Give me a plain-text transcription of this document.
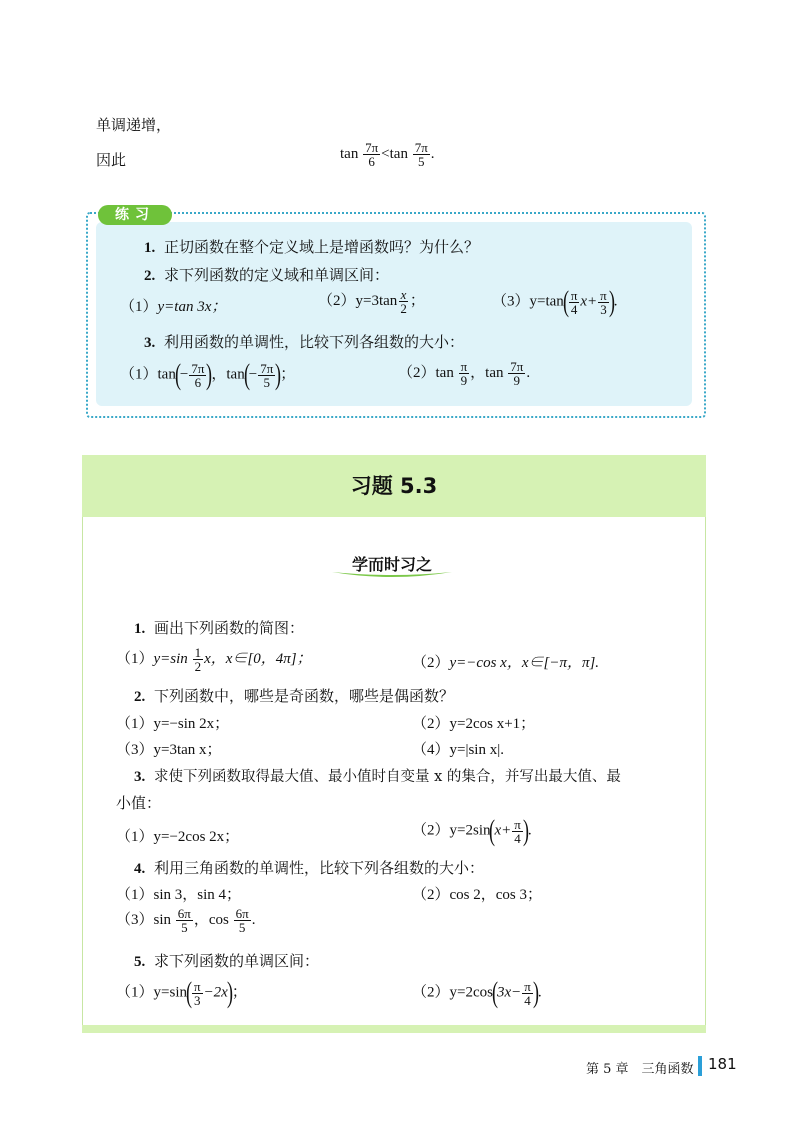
单调递增，
因此	$\tan \frac{7\pi}{6} <\tan \frac{7\pi}{5}$ .
练习
1. 正切函数在整个定义域上是增函数吗？为什么？
2. 求下列函数的定义域和单调区间：
（1）y=tan 3x；	$(2)y=3\tan \frac{x}{2}$ ；	$(3)y=\tan( \frac{\pi}{4} x+ \frac{\pi}{3}$ ).
3. 利用函数的单调性，比较下列各组数的大小：
$(1)\tan(- \frac{7\pi}{6}$ )，$\tan(- \frac{7\pi}{5}$ )；	$(2)\tan \frac{\pi}{9}$ ，$\tan \frac{7\pi}{9}$ .
习题 5.3
学而时习之
1. 画出下列函数的简图：
$(1)y=\sin \frac{1}{2}$ x，x∈[0，4π]；	（2）y=−cos x，x∈[−π，π].
2. 下列函数中，哪些是奇函数，哪些是偶函数？
（1）y=−sin 2x；	（2）y=2cos x+1；
（3）y=3tan x；	（4）y=|sin x|.
3. 求使下列函数取得最大值、最小值时自变量 x 的集合，并写出最大值、最
小值：
（1）y=−2cos 2x；	$(2)y=2\sin(x+ \frac{\pi}{4}$ ).
4. 利用三角函数的单调性，比较下列各组数的大小：
（1）sin 3，sin 4；	（2）cos 2，cos 3；
$(3)\sin \frac{6\pi}{5}$ ，$\cos \frac{6\pi}{5}$ .
5. 求下列函数的单调区间：
$(1)y=\sin( \frac{\pi}{3} -2x)$；	$(2)y=2\cos(3x- \frac{\pi}{4}$ ).
第 5 章　三角函数 181
